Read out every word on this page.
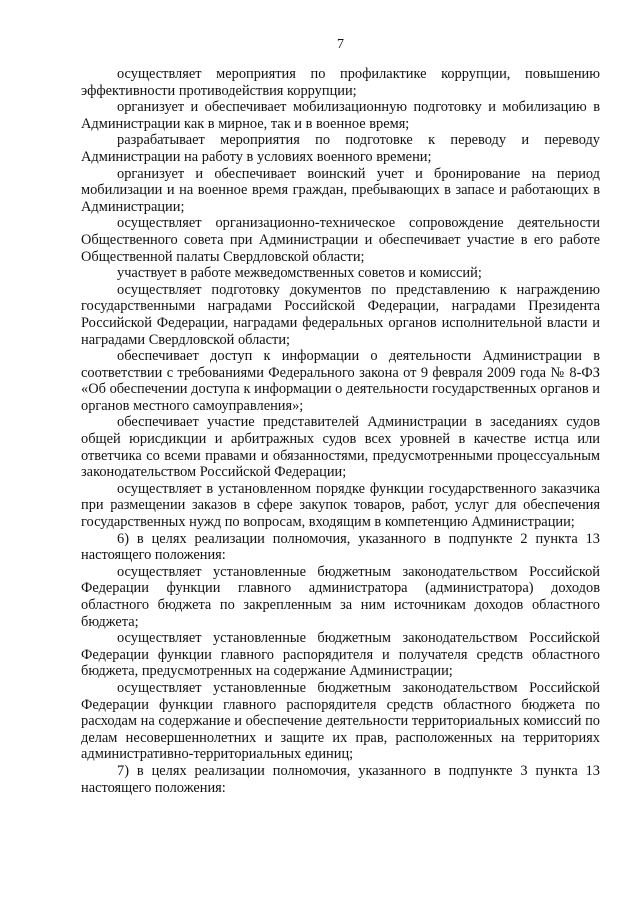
7

осуществляет мероприятия по профилактике коррупции, повышению эффективности противодействия коррупции;

организует и обеспечивает мобилизационную подготовку и мобилизацию в Администрации как в мирное, так и в военное время;

разрабатывает мероприятия по подготовке к переводу и переводу Администрации на работу в условиях военного времени;

организует и обеспечивает воинский учет и бронирование на период мобилизации и на военное время граждан, пребывающих в запасе и работающих в Администрации;

осуществляет организационно-техническое сопровождение деятельности Общественного совета при Администрации и обеспечивает участие в его работе Общественной палаты Свердловской области;

участвует в работе межведомственных советов и комиссий;

осуществляет подготовку документов по представлению к награждению государственными наградами Российской Федерации, наградами Президента Российской Федерации, наградами федеральных органов исполнительной власти и наградами Свердловской области;

обеспечивает доступ к информации о деятельности Администрации в соответствии с требованиями Федерального закона от 9 февраля 2009 года № 8-ФЗ «Об обеспечении доступа к информации о деятельности государственных органов и органов местного самоуправления»;

обеспечивает участие представителей Администрации в заседаниях судов общей юрисдикции и арбитражных судов всех уровней в качестве истца или ответчика со всеми правами и обязанностями, предусмотренными процессуальным законодательством Российской Федерации;

осуществляет в установленном порядке функции государственного заказчика при размещении заказов в сфере закупок товаров, работ, услуг для обеспечения государственных нужд по вопросам, входящим в компетенцию Администрации;

6) в целях реализации полномочия, указанного в подпункте 2 пункта 13 настоящего положения:

осуществляет установленные бюджетным законодательством Российской Федерации функции главного администратора (администратора) доходов областного бюджета по закрепленным за ним источникам доходов областного бюджета;

осуществляет установленные бюджетным законодательством Российской Федерации функции главного распорядителя и получателя средств областного бюджета, предусмотренных на содержание Администрации;

осуществляет установленные бюджетным законодательством Российской Федерации функции главного распорядителя средств областного бюджета по расходам на содержание и обеспечение деятельности территориальных комиссий по делам несовершеннолетних и защите их прав, расположенных на территориях административно-территориальных единиц;

7) в целях реализации полномочия, указанного в подпункте 3 пункта 13 настоящего положения:
